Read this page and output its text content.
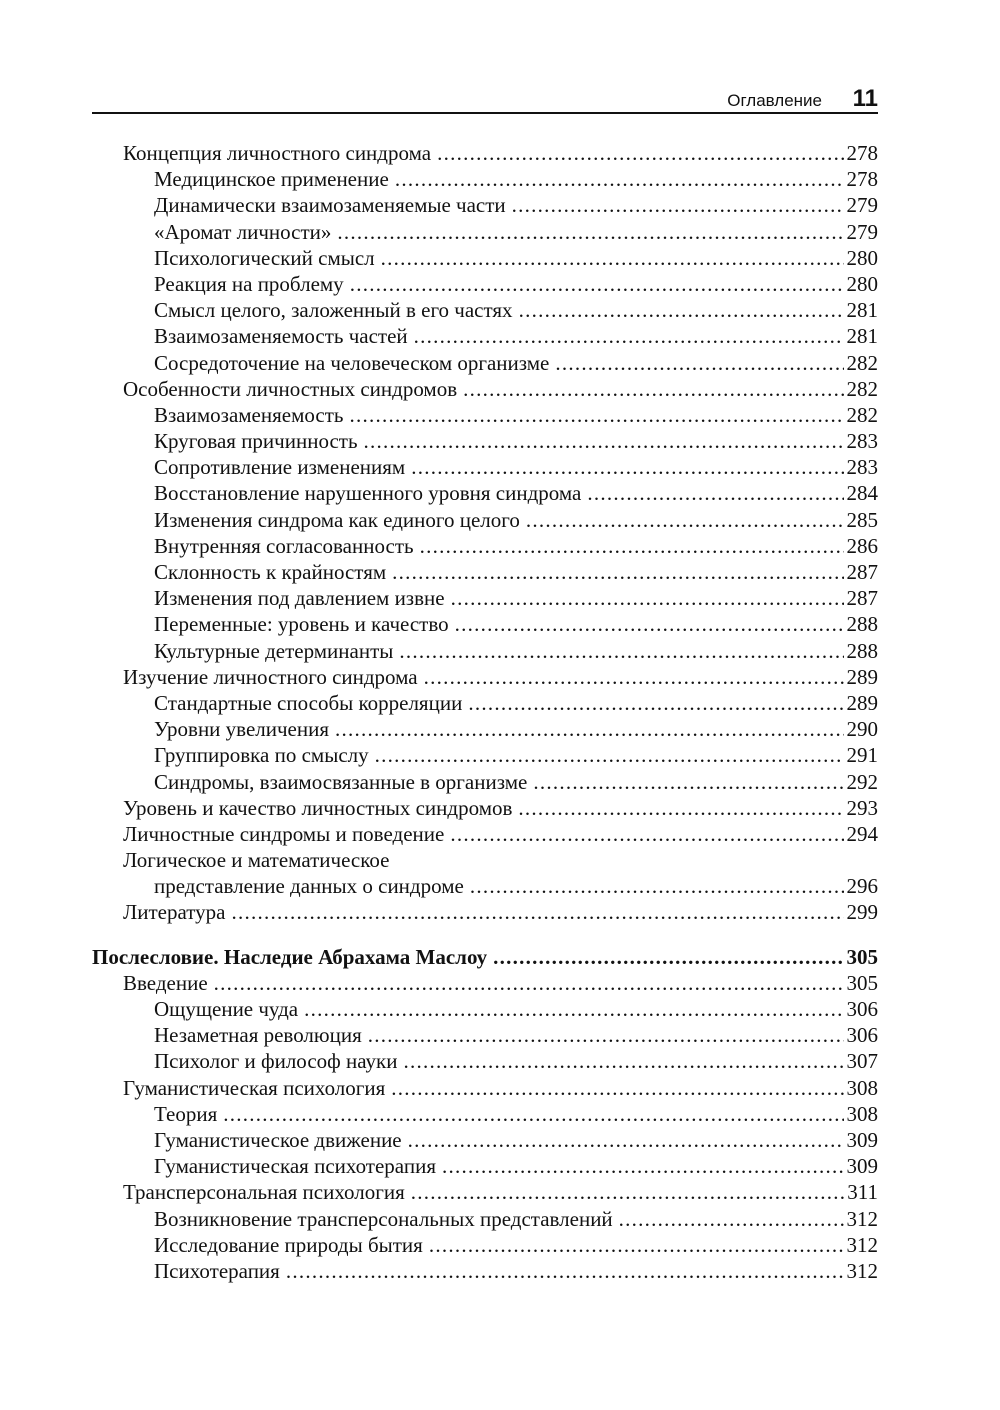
Оглавление 11
Концепция личностного синдрома . . .	278
Медицинское применение . . .	278
Динамически взаимозаменяемые части . . .	279
«Аромат личности» . . .	279
Психологический смысл . . .	280
Реакция на проблему . . .	280
Смысл целого, заложенный в его частях . . .	281
Взаимозаменяемость частей . . .	281
Сосредоточение на человеческом организме . . .	282
Особенности личностных синдромов . . .	282
Взаимозаменяемость . . .	282
Круговая причинность . . .	283
Сопротивление изменениям . . .	283
Восстановление нарушенного уровня синдрома . . .	284
Изменения синдрома как единого целого . . .	285
Внутренняя согласованность . . .	286
Склонность к крайностям . . .	287
Изменения под давлением извне . . .	287
Переменные: уровень и качество . . .	288
Культурные детерминанты . . .	288
Изучение личностного синдрома . . .	289
Стандартные способы корреляции . . .	289
Уровни увеличения . . .	290
Группировка по смыслу . . .	291
Синдромы, взаимосвязанные в организме . . .	292
Уровень и качество личностных синдромов . . .	293
Личностные синдромы и поведение . . .	294
Логическое и математическое
представление данных о синдроме . . .	296
Литература . . .	299
Послесловие. Наследие Абрахама Маслоу . . .	305
Введение . . .	305
Ощущение чуда . . .	306
Незаметная революция . . .	306
Психолог и философ науки . . .	307
Гуманистическая психология . . .	308
Теория . . .	308
Гуманистическое движение . . .	309
Гуманистическая психотерапия . . .	309
Трансперсональная психология . . .	311
Возникновение трансперсональных представлений . . .	312
Исследование природы бытия . . .	312
Психотерапия . . .	312
